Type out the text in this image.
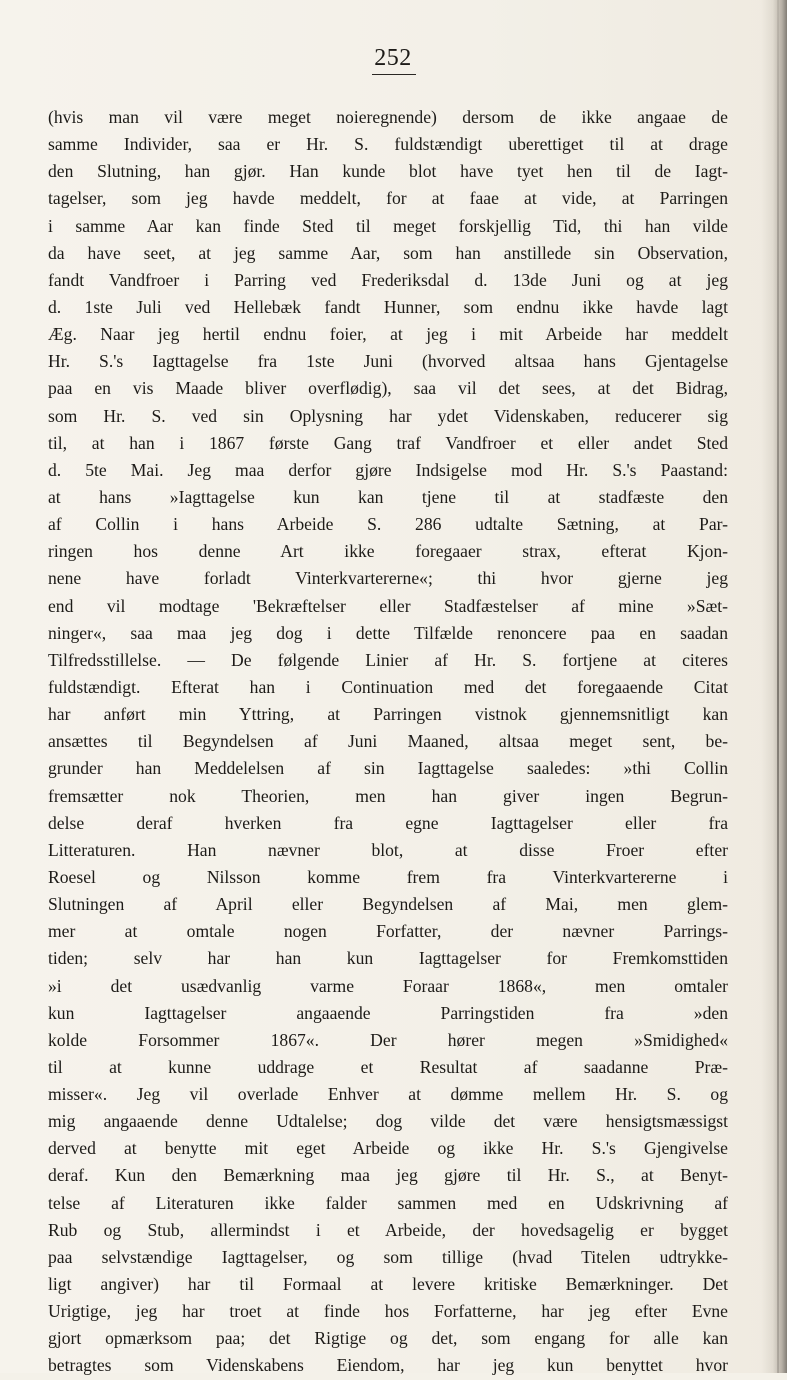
252
(hvis man vil være meget noieregnende) dersom de ikke angaae de
samme Individer, saa er Hr. S. fuldstændigt uberettiget til at drage
den Slutning, han gjør. Han kunde blot have tyet hen til de Iagt-
tagelser, som jeg havde meddelt, for at faae at vide, at Parringen
i samme Aar kan finde Sted til meget forskjellig Tid, thi han vilde
da have seet, at jeg samme Aar, som han anstillede sin Observation,
fandt Vandfroer i Parring ved Frederiksdal d. 13de Juni og at jeg
d. 1ste Juli ved Hellebæk fandt Hunner, som endnu ikke havde lagt
Æg. Naar jeg hertil endnu foier, at jeg i mit Arbeide har meddelt
Hr. S.'s Iagttagelse fra 1ste Juni (hvorved altsaa hans Gjentagelse
paa en vis Maade bliver overflødig), saa vil det sees, at det Bidrag,
som Hr. S. ved sin Oplysning har ydet Videnskaben, reducerer sig
til, at han i 1867 første Gang traf Vandfroer et eller andet Sted
d. 5te Mai. Jeg maa derfor gjøre Indsigelse mod Hr. S.'s Paastand:
at hans »Iagttagelse kun kan tjene til at stadfæste den
af Collin i hans Arbeide S. 286 udtalte Sætning, at Par-
ringen hos denne Art ikke foregaaer strax, efterat Kjon-
nene have forladt Vinterkvartererne«; thi hvor gjerne jeg
end vil modtage 'Bekræftelser eller Stadfæstelser af mine »Sæt-
ninger«, saa maa jeg dog i dette Tilfælde renoncere paa en saadan
Tilfredsstillelse. — De følgende Linier af Hr. S. fortjene at citeres
fuldstændigt. Efterat han i Continuation med det foregaaende Citat
har anført min Yttring, at Parringen vistnok gjennemsnitligt kan
ansættes til Begyndelsen af Juni Maaned, altsaa meget sent, be-
grunder han Meddelelsen af sin Iagttagelse saaledes: »thi Collin
fremsætter nok Theorien, men han giver ingen Begrun-
delse deraf hverken fra egne Iagttagelser eller fra
Litteraturen. Han nævner blot, at disse Froer efter
Roesel og Nilsson komme frem fra Vinterkvartererne i
Slutningen af April eller Begyndelsen af Mai, men glem-
mer at omtale nogen Forfatter, der nævner Parrings-
tiden; selv har han kun Iagttagelser for Fremkomsttiden
»i det usædvanlig varme Foraar 1868«, men omtaler
kun Iagttagelser angaaende Parringstiden fra »den
kolde Forsommer 1867«. Der hører megen »Smidighed«
til at kunne uddrage et Resultat af saadanne Præ-
misser«. Jeg vil overlade Enhver at dømme mellem Hr. S. og
mig angaaende denne Udtalelse; dog vilde det være hensigtsmæssigst
derved at benytte mit eget Arbeide og ikke Hr. S.'s Gjengivelse
deraf. Kun den Bemærkning maa jeg gjøre til Hr. S., at Benyt-
telse af Literaturen ikke falder sammen med en Udskrivning af
Rub og Stub, allermindst i et Arbeide, der hovedsagelig er bygget
paa selvstændige Iagttagelser, og som tillige (hvad Titelen udtrykke-
ligt angiver) har til Formaal at levere kritiske Bemærkninger. Det
Urigtige, jeg har troet at finde hos Forfatterne, har jeg efter Evne
gjort opmærksom paa; det Rigtige og det, som engang for alle kan
betragtes som Videnskabens Eiendom, har jeg kun benyttet hvor
